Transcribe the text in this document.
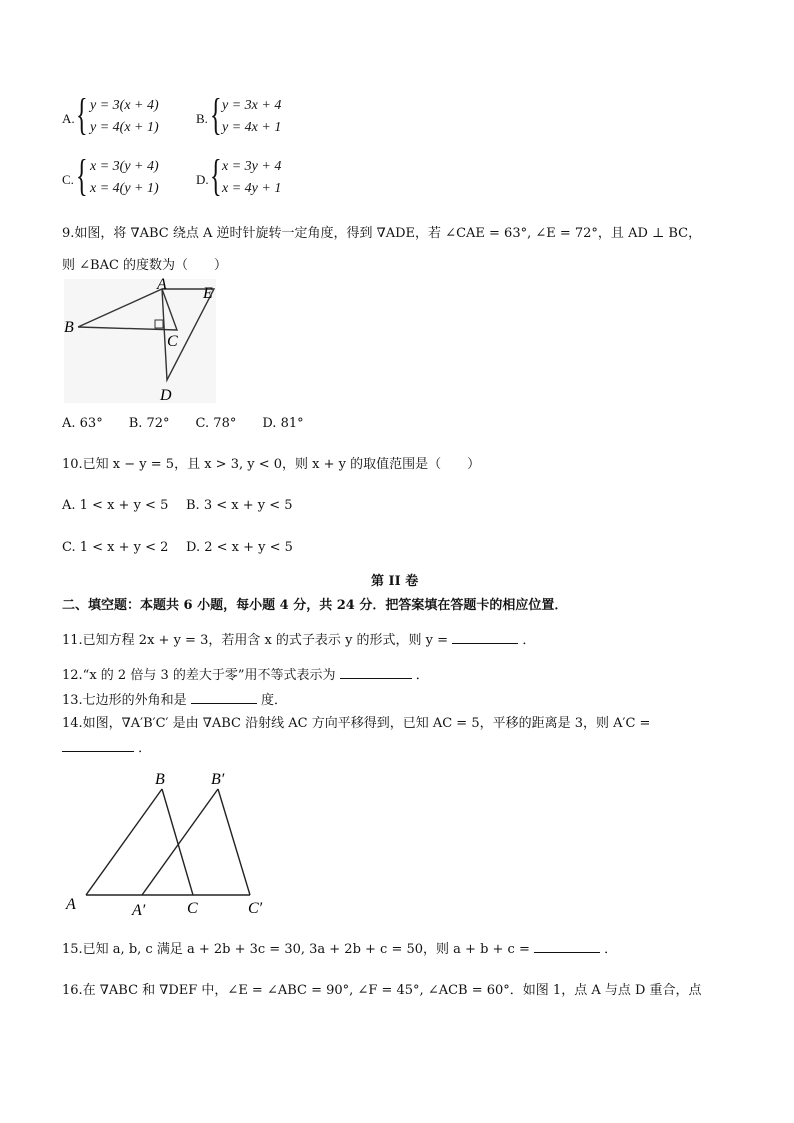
A. { y = 3(x + 4)
y = 4(x + 1)
B. { y = 3x + 4
y = 4x + 1
C. { x = 3(y + 4)
x = 4(y + 1)
D. { x = 3y + 4
x = 4y + 1
9.如图，将 ∇ABC 绕点 A 逆时针旋转一定角度，得到 ∇ADE，若 ∠CAE = 63°, ∠E = 72°，且 AD ⊥ BC，
则 ∠BAC 的度数为（　　）
A
B
C
D
E
A. 63°　　B. 72°　　C. 78°　　D. 81°
10.已知 x − y = 5，且 x > 3, y < 0，则 x + y 的取值范围是（　　）
A. 1 < x + y < 5 B. 3 < x + y < 5
C. 1 < x + y < 2 D. 2 < x + y < 5
第 II 卷
二、填空题：本题共 6 小题，每小题 4 分，共 24 分．把答案填在答题卡的相应位置．
11.已知方程 2x + y = 3，若用含 x 的式子表示 y 的形式，则 y =	．
12.“x 的 2 倍与 3 的差大于零”用不等式表示为	．
13.七边形的外角和是	度．
14.如图，∇A′B′C′ 是由 ∇ABC 沿射线 AC 方向平移得到，已知 AC = 5，平移的距离是 3，则 A′C =
．
B	B′
A	A′	C	C′
15.已知 a, b, c 满足 a + 2b + 3c = 30, 3a + 2b + c = 50，则 a + b + c =	．
16.在 ∇ABC 和 ∇DEF 中，∠E = ∠ABC = 90°, ∠F = 45°, ∠ACB = 60°．如图 1，点 A 与点 D 重合，点
